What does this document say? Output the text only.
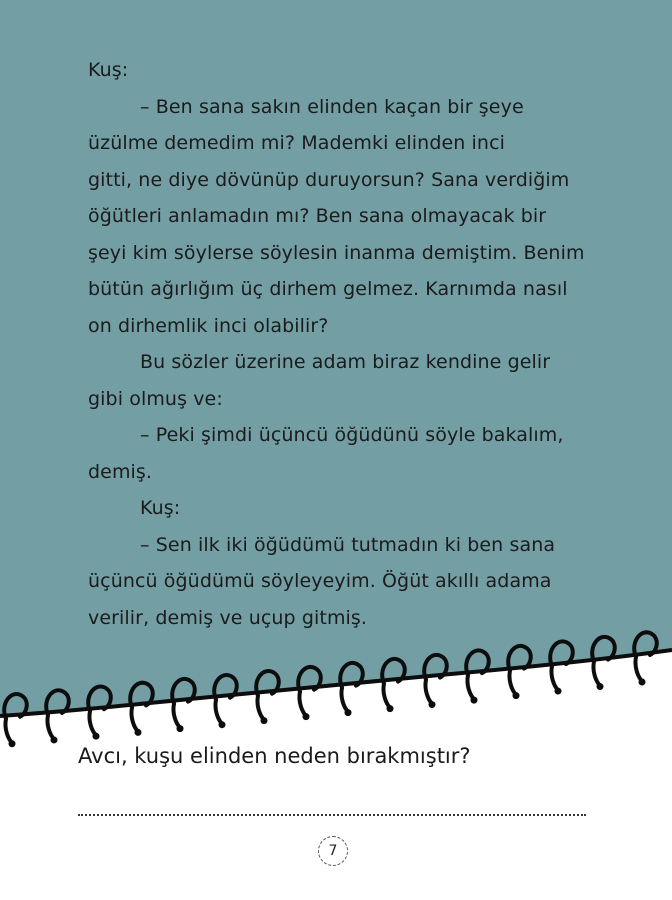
Kuş:
– Ben sana sakın elinden kaçan bir şeye
üzülme demedim mi? Mademki elinden inci
gitti, ne diye dövünüp duruyorsun? Sana verdiğim
öğütleri anlamadın mı? Ben sana olmayacak bir
şeyi kim söylerse söylesin inanma demiştim. Benim
bütün ağırlığım üç dirhem gelmez. Karnımda nasıl
on dirhemlik inci olabilir?
Bu sözler üzerine adam biraz kendine gelir
gibi olmuş ve:
– Peki şimdi üçüncü öğüdünü söyle bakalım,
demiş.
Kuş:
– Sen ilk iki öğüdümü tutmadın ki ben sana
üçüncü öğüdümü söyleyeyim. Öğüt akıllı adama
verilir, demiş ve uçup gitmiş.
Avcı, kuşu elinden neden bırakmıştır?
7
